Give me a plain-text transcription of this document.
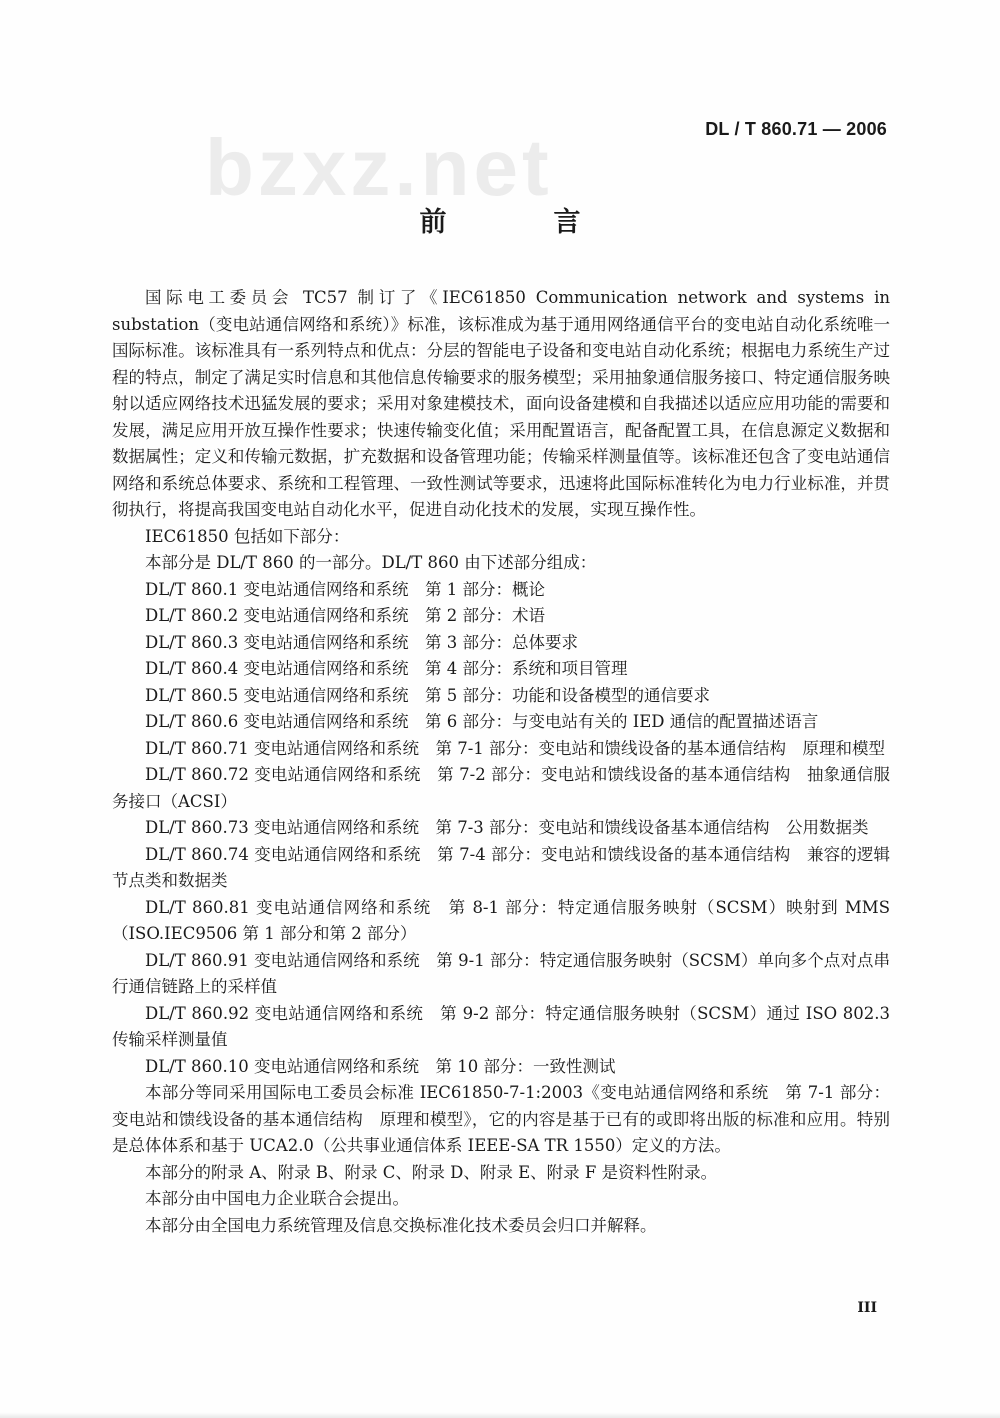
bzxz.net	DL / T 860.71 — 2006
前　言

国际电工委员会 TC57 制订了《IEC61850 Communication network and systems in substation（变电站通信网络和系统）》标准，该标准成为基于通用网络通信平台的变电站自动化系统唯一国际标准。该标准具有一系列特点和优点：分层的智能电子设备和变电站自动化系统；根据电力系统生产过程的特点，制定了满足实时信息和其他信息传输要求的服务模型；采用抽象通信服务接口、特定通信服务映射以适应网络技术迅猛发展的要求；采用对象建模技术，面向设备建模和自我描述以适应应用功能的需要和发展，满足应用开放互操作性要求；快速传输变化值；采用配置语言，配备配置工具，在信息源定义数据和数据属性；定义和传输元数据，扩充数据和设备管理功能；传输采样测量值等。该标准还包含了变电站通信网络和系统总体要求、系统和工程管理、一致性测试等要求，迅速将此国际标准转化为电力行业标准，并贯彻执行，将提高我国变电站自动化水平，促进自动化技术的发展，实现互操作性。

IEC61850 包括如下部分：

本部分是 DL/T 860 的一部分。DL/T 860 由下述部分组成：

DL/T 860.1 变电站通信网络和系统　第 1 部分：概论

DL/T 860.2 变电站通信网络和系统　第 2 部分：术语

DL/T 860.3 变电站通信网络和系统　第 3 部分：总体要求

DL/T 860.4 变电站通信网络和系统　第 4 部分：系统和项目管理

DL/T 860.5 变电站通信网络和系统　第 5 部分：功能和设备模型的通信要求

DL/T 860.6 变电站通信网络和系统　第 6 部分：与变电站有关的 IED 通信的配置描述语言

DL/T 860.71 变电站通信网络和系统　第 7-1 部分：变电站和馈线设备的基本通信结构　原理和模型

DL/T 860.72 变电站通信网络和系统　第 7-2 部分：变电站和馈线设备的基本通信结构　抽象通信服务接口（ACSI）

DL/T 860.73 变电站通信网络和系统　第 7-3 部分：变电站和馈线设备基本通信结构　公用数据类

DL/T 860.74 变电站通信网络和系统　第 7-4 部分：变电站和馈线设备的基本通信结构　兼容的逻辑节点类和数据类

DL/T 860.81 变电站通信网络和系统　第 8-1 部分：特定通信服务映射（SCSM）映射到 MMS（ISO.IEC9506 第 1 部分和第 2 部分）

DL/T 860.91 变电站通信网络和系统　第 9-1 部分：特定通信服务映射（SCSM）单向多个点对点串行通信链路上的采样值

DL/T 860.92 变电站通信网络和系统　第 9-2 部分：特定通信服务映射（SCSM）通过 ISO 802.3 传输采样测量值

DL/T 860.10 变电站通信网络和系统　第 10 部分：一致性测试

本部分等同采用国际电工委员会标准 IEC61850-7-1:2003《变电站通信网络和系统　第 7-1 部分：变电站和馈线设备的基本通信结构　原理和模型》，它的内容是基于已有的或即将出版的标准和应用。特别是总体体系和基于 UCA2.0（公共事业通信体系 IEEE-SA TR 1550）定义的方法。

本部分的附录 A、附录 B、附录 C、附录 D、附录 E、附录 F 是资料性附录。

本部分由中国电力企业联合会提出。

本部分由全国电力系统管理及信息交换标准化技术委员会归口并解释。

III
